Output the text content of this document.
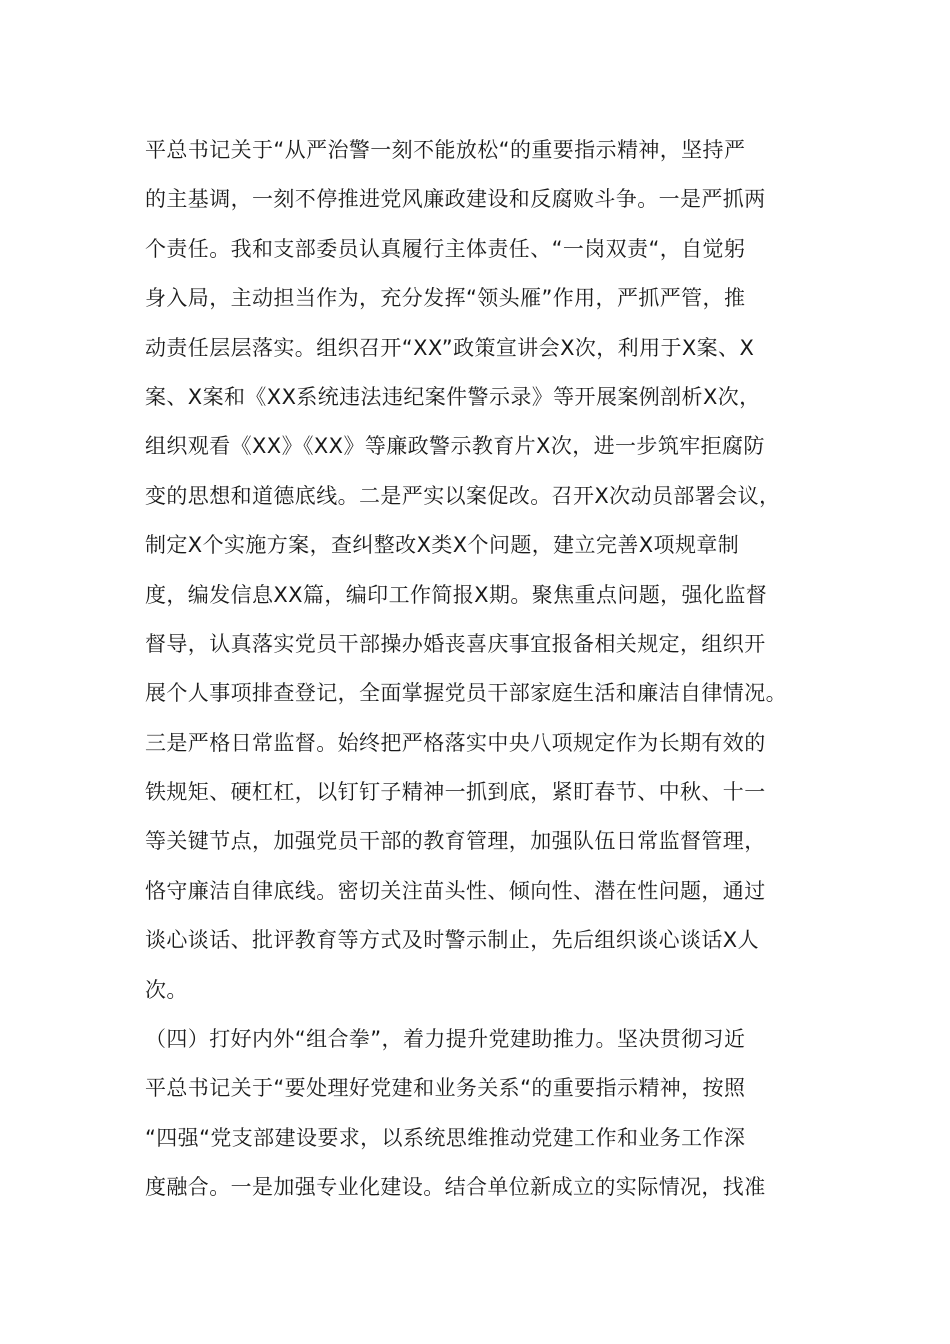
平总书记关于“从严治警一刻不能放松“的重要指示精神，坚持严
的主基调，一刻不停推进党风廉政建设和反腐败斗争。一是严抓两
个责任。我和支部委员认真履行主体责任、“一岗双责“，自觉躬
身入局，主动担当作为，充分发挥“领头雁”作用，严抓严管，推
动责任层层落实。组织召开“XX”政策宣讲会X次，利用于X案、X
案、X案和《XX系统违法违纪案件警示录》等开展案例剖析X次，
组织观看《XX》《XX》等廉政警示教育片X次，进一步筑牢拒腐防
变的思想和道德底线。二是严实以案促改。召开X次动员部署会议，
制定X个实施方案，查纠整改X类X个问题，建立完善X项规章制
度，编发信息XX篇，编印工作简报X期。聚焦重点问题，强化监督
督导，认真落实党员干部操办婚丧喜庆事宜报备相关规定，组织开
展个人事项排查登记，全面掌握党员干部家庭生活和廉洁自律情况。
三是严格日常监督。始终把严格落实中央八项规定作为长期有效的
铁规矩、硬杠杠，以钉钉子精神一抓到底，紧盯春节、中秋、十一
等关键节点，加强党员干部的教育管理，加强队伍日常监督管理，
恪守廉洁自律底线。密切关注苗头性、倾向性、潜在性问题，通过
谈心谈话、批评教育等方式及时警示制止，先后组织谈心谈话X人
次。
（四）打好内外“组合拳”，着力提升党建助推力。坚决贯彻习近
平总书记关于“要处理好党建和业务关系“的重要指示精神，按照
“四强“党支部建设要求，以系统思维推动党建工作和业务工作深
度融合。一是加强专业化建设。结合单位新成立的实际情况，找准
